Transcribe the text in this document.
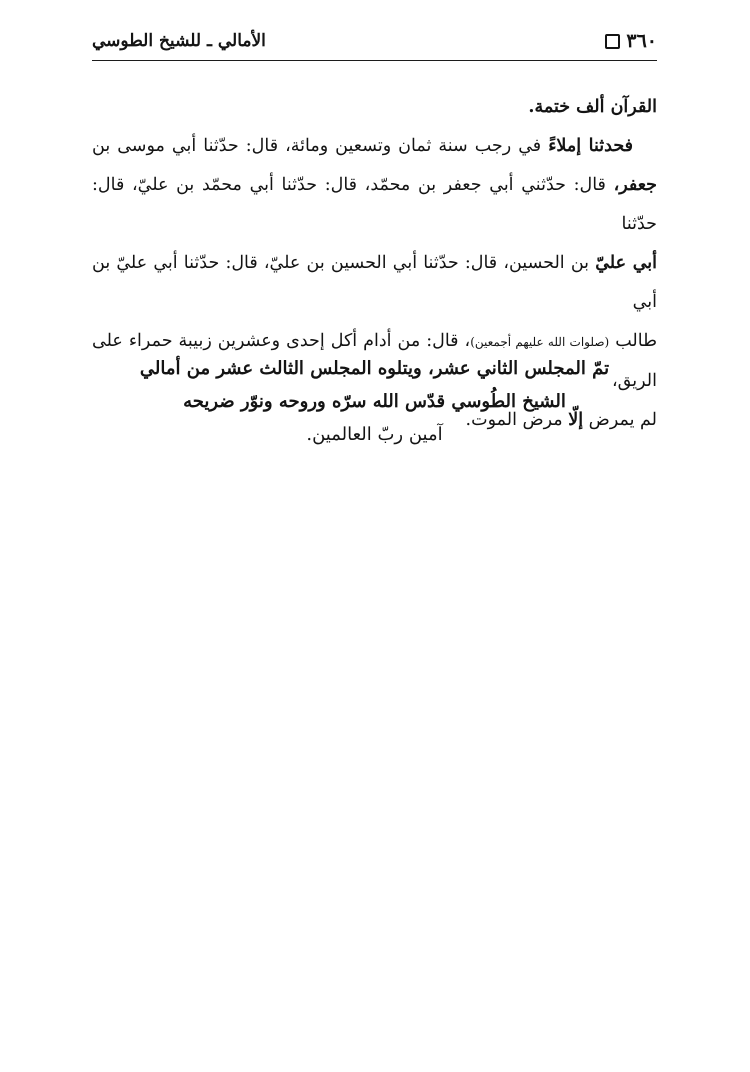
٣٦٠
الأمالي ـ للشيخ الطوسي

القرآن ألف ختمة.

فحدثنا إملاءً في رجب سنة ثمان وتسعين ومائة، قال: حدّثنا أبي موسى بن
جعفر، قال: حدّثني أبي جعفر بن محمّد، قال: حدّثنا أبي محمّد بن عليّ، قال: حدّثنا
أبي عليّ بن الحسين، قال: حدّثنا أبي الحسين بن عليّ، قال: حدّثنا أبي عليّ بن أبي
طالب (صلوات الله عليهم أجمعين)، قال: من أدام أكل إحدى وعشرين زبيبة حمراء على الريق،
لم يمرض إلّا مرض الموت.

تمّ المجلس الثاني عشر، ويتلوه المجلس الثالث عشر من أمالي
الشيخ الطُوسي قدّس الله سرّه وروحه ونوّر ضريحه
آمين ربّ العالمين.
